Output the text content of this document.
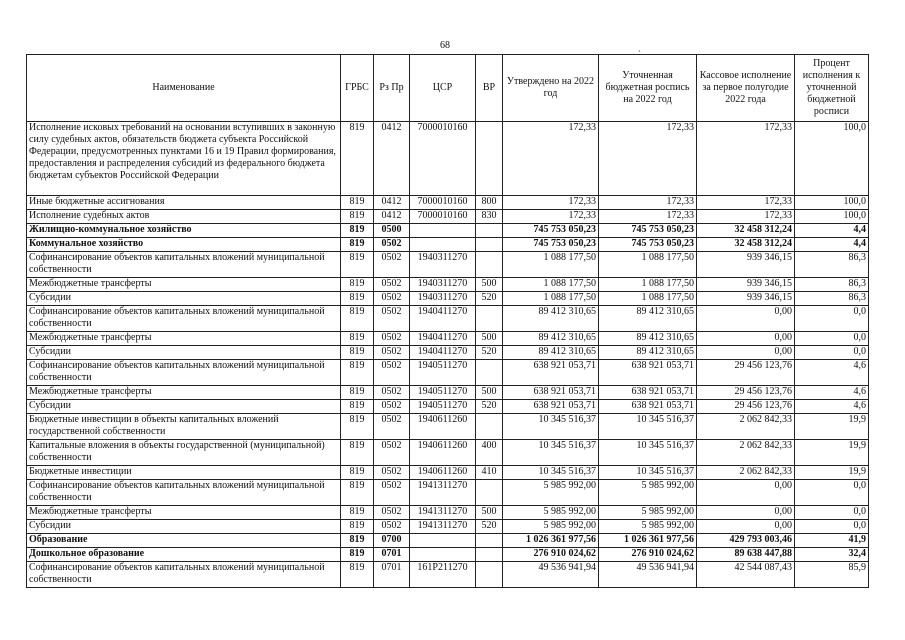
68
`
Наименование	ГРБС	Рз Пр	ЦСР	ВР	Утверждено на 2022 год	Уточненная бюджетная роспись на 2022 год	Кассовое исполнение за первое полугодие 2022 года	Процент исполнения к уточненной бюджетной росписи
Исполнение исковых требований на основании вступивших в законную силу судебных актов, обязательств бюджета субъекта Российской Федерации, предусмотренных пунктами 16 и 19 Правил формирования, предоставления и распределения субсидий из федерального бюджета бюджетам субъектов Российской Федерации	819	0412	7000010160		172,33	172,33	172,33	100,0
Иные бюджетные ассигнования	819	0412	7000010160	800	172,33	172,33	172,33	100,0
Исполнение судебных актов	819	0412	7000010160	830	172,33	172,33	172,33	100,0
Жилищно-коммунальное хозяйство	819	0500			745 753 050,23	745 753 050,23	32 458 312,24	4,4
Коммунальное хозяйство	819	0502			745 753 050,23	745 753 050,23	32 458 312,24	4,4
Софинансирование объектов капитальных вложений муниципальной собственности	819	0502	1940311270		1 088 177,50	1 088 177,50	939 346,15	86,3
Межбюджетные трансферты	819	0502	1940311270	500	1 088 177,50	1 088 177,50	939 346,15	86,3
Субсидии	819	0502	1940311270	520	1 088 177,50	1 088 177,50	939 346,15	86,3
Софинансирование объектов капитальных вложений муниципальной собственности	819	0502	1940411270		89 412 310,65	89 412 310,65	0,00	0,0
Межбюджетные трансферты	819	0502	1940411270	500	89 412 310,65	89 412 310,65	0,00	0,0
Субсидии	819	0502	1940411270	520	89 412 310,65	89 412 310,65	0,00	0,0
Софинансирование объектов капитальных вложений муниципальной собственности	819	0502	1940511270		638 921 053,71	638 921 053,71	29 456 123,76	4,6
Межбюджетные трансферты	819	0502	1940511270	500	638 921 053,71	638 921 053,71	29 456 123,76	4,6
Субсидии	819	0502	1940511270	520	638 921 053,71	638 921 053,71	29 456 123,76	4,6
Бюджетные инвестиции в объекты капитальных вложений государственной собственности	819	0502	1940611260		10 345 516,37	10 345 516,37	2 062 842,33	19,9
Капитальные вложения в объекты государственной (муниципальной) собственности	819	0502	1940611260	400	10 345 516,37	10 345 516,37	2 062 842,33	19,9
Бюджетные инвестиции	819	0502	1940611260	410	10 345 516,37	10 345 516,37	2 062 842,33	19,9
Софинансирование объектов капитальных вложений муниципальной собственности	819	0502	1941311270		5 985 992,00	5 985 992,00	0,00	0,0
Межбюджетные трансферты	819	0502	1941311270	500	5 985 992,00	5 985 992,00	0,00	0,0
Субсидии	819	0502	1941311270	520	5 985 992,00	5 985 992,00	0,00	0,0
Образование	819	0700			1 026 361 977,56	1 026 361 977,56	429 793 003,46	41,9
Дошкольное образование	819	0701			276 910 024,62	276 910 024,62	89 638 447,88	32,4
Софинансирование объектов капитальных вложений муниципальной собственности	819	0701	161Р211270		49 536 941,94	49 536 941,94	42 544 087,43	85,9
